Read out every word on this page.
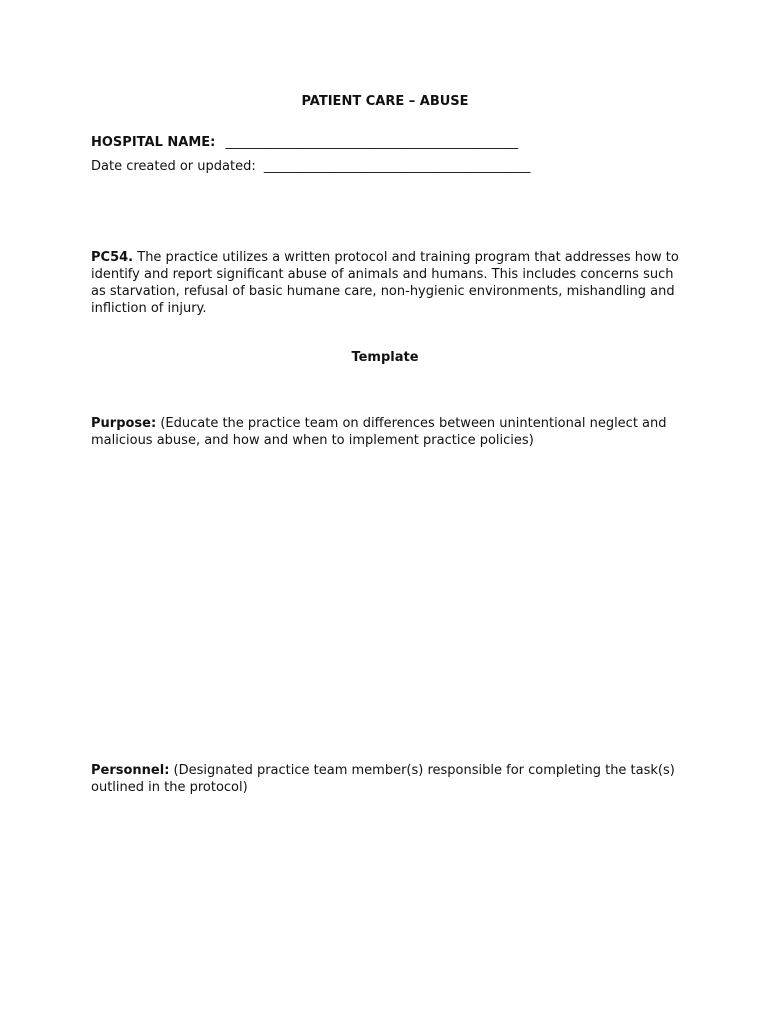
PATIENT CARE – ABUSE
HOSPITAL NAME: _____________________________________________
Date created or updated: _________________________________________
PC54. The practice utilizes a written protocol and training program that addresses how to identify and report significant abuse of animals and humans. This includes concerns such as starvation, refusal of basic humane care, non-hygienic environments, mishandling and infliction of injury.
Template
Purpose: (Educate the practice team on differences between unintentional neglect and malicious abuse, and how and when to implement practice policies)
Personnel: (Designated practice team member(s) responsible for completing the task(s) outlined in the protocol)
